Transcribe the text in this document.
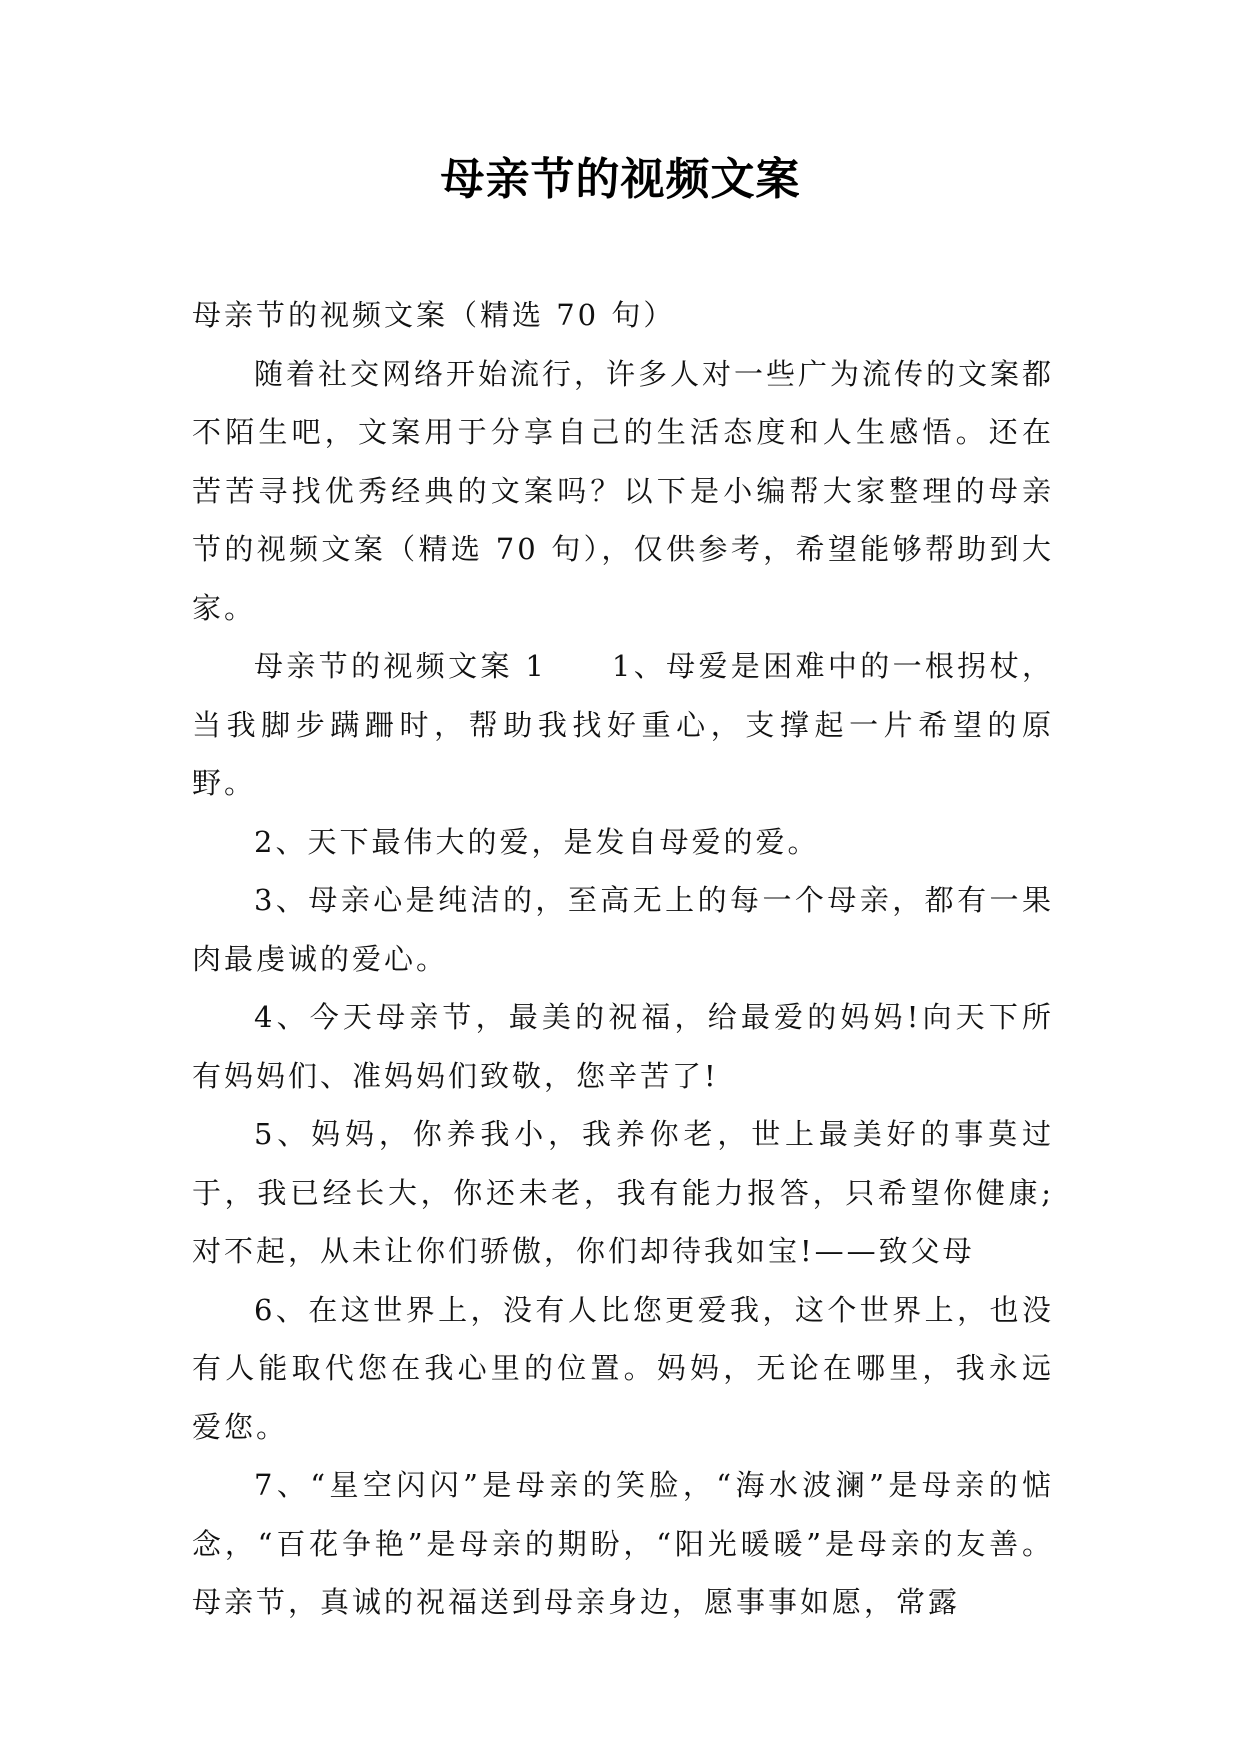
母亲节的视频文案

母亲节的视频文案（精选 70 句）

随着社交网络开始流行，许多人对一些广为流传的文案都不陌生吧，文案用于分享自己的生活态度和人生感悟。还在苦苦寻找优秀经典的文案吗？以下是小编帮大家整理的母亲节的视频文案（精选 70 句），仅供参考，希望能够帮助到大家。

母亲节的视频文案 1　　1、母爱是困难中的一根拐杖，当我脚步蹒跚时，帮助我找好重心，支撑起一片希望的原野。

2、天下最伟大的爱，是发自母爱的爱。

3、母亲心是纯洁的，至高无上的每一个母亲，都有一果肉最虔诚的爱心。

4、今天母亲节，最美的祝福，给最爱的妈妈!向天下所有妈妈们、准妈妈们致敬，您辛苦了!

5、妈妈，你养我小，我养你老，世上最美好的事莫过于，我已经长大，你还未老，我有能力报答，只希望你健康;对不起，从未让你们骄傲，你们却待我如宝!——致父母

6、在这世界上，没有人比您更爱我，这个世界上，也没有人能取代您在我心里的位置。妈妈，无论在哪里，我永远爱您。

7、“星空闪闪”是母亲的笑脸，“海水波澜”是母亲的惦念，“百花争艳”是母亲的期盼，“阳光暖暖”是母亲的友善。母亲节，真诚的祝福送到母亲身边，愿事事如愿，常露
